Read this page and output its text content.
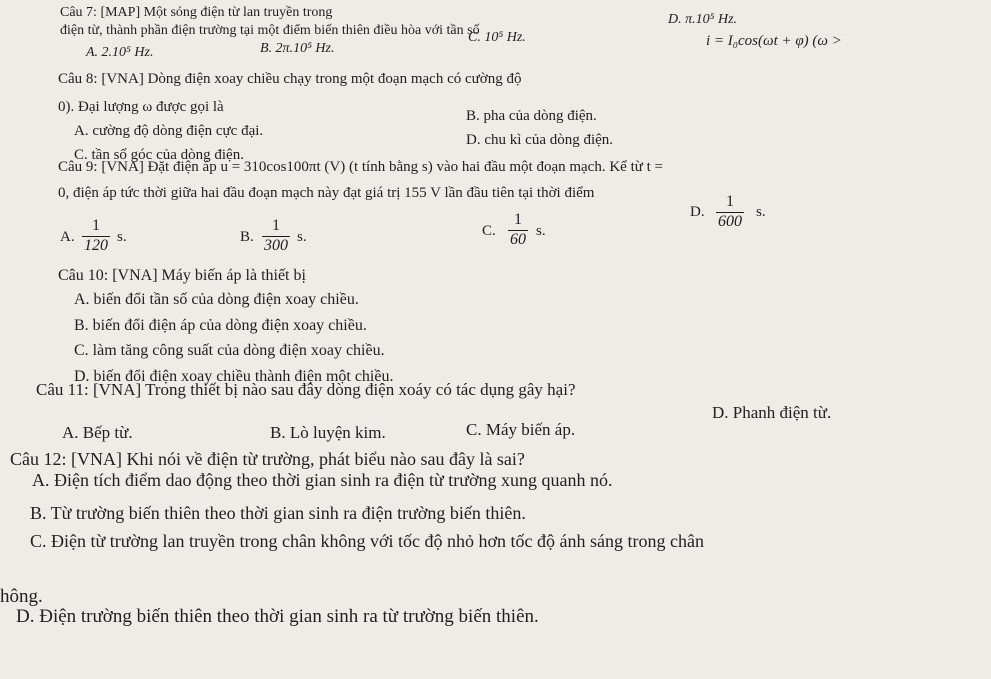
Câu 7: [MAP] Một sóng điện từ lan truyền trong
điện từ, thành phần điện trường tại một điểm biến thiên điều hòa với tần số
A. 2.10⁵ Hz.	B. 2π.10⁵ Hz.
C. 10⁵ Hz.
D. π.10⁵ Hz.
Câu 8: [VNA] Dòng điện xoay chiều chạy trong một đoạn mạch có cường độ
i = I₀cos(ωt + φ) (ω >
0). Đại lượng ω được gọi là
A. cường độ dòng điện cực đại.
B. pha của dòng điện.
C. tần số góc của dòng điện.
D. chu kì của dòng điện.
Câu 9: [VNA] Đặt điện áp u = 310cos100πt (V) (t tính bằng s) vào hai đầu một đoạn mạch. Kể từ t =
0, điện áp tức thời giữa hai đầu đoạn mạch này đạt giá trị 155 V lần đầu tiên tại thời điểm
A.
1
120 s.	B.
1
300 s.	C.
1
60 s.
D.
1
600
s.
Câu 10: [VNA] Máy biến áp là thiết bị
A. biến đổi tần số của dòng điện xoay chiều.
B. biến đổi điện áp của dòng điện xoay chiều.
C. làm tăng công suất của dòng điện xoay chiều.
D. biến đổi điện xoay chiều thành điện một chiều.
Câu 11: [VNA] Trong thiết bị nào sau đây dòng điện xoáy có tác dụng gây hại?
A. Bếp từ.	B. Lò luyện kim.	C. Máy biến áp.
D. Phanh điện từ.
Câu 12: [VNA] Khi nói về điện từ trường, phát biểu nào sau đây là sai?
A. Điện tích điểm dao động theo thời gian sinh ra điện từ trường xung quanh nó.
B. Từ trường biến thiên theo thời gian sinh ra điện trường biến thiên.
C. Điện từ trường lan truyền trong chân không với tốc độ nhỏ hơn tốc độ ánh sáng trong chân
hông.
D. Điện trường biến thiên theo thời gian sinh ra từ trường biến thiên.
